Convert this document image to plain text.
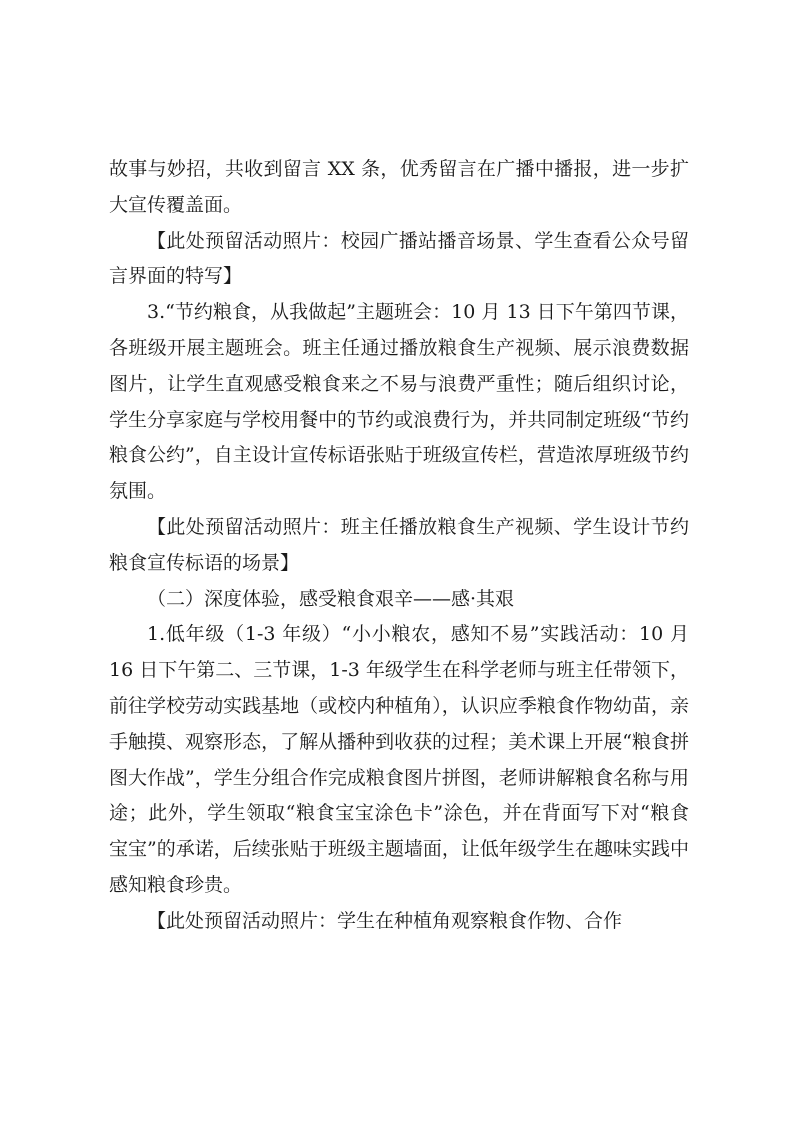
故事与妙招，共收到留言 XX 条，优秀留言在广播中播报，进一步扩大宣传覆盖面。

【此处预留活动照片：校园广播站播音场景、学生查看公众号留言界面的特写】

3.“节约粮食，从我做起”主题班会：10 月 13 日下午第四节课，各班级开展主题班会。班主任通过播放粮食生产视频、展示浪费数据图片，让学生直观感受粮食来之不易与浪费严重性；随后组织讨论，学生分享家庭与学校用餐中的节约或浪费行为，并共同制定班级“节约粮食公约”，自主设计宣传标语张贴于班级宣传栏，营造浓厚班级节约氛围。

【此处预留活动照片：班主任播放粮食生产视频、学生设计节约粮食宣传标语的场景】

（二）深度体验，感受粮食艰辛——感·其艰

1.低年级（1-3 年级）“小小粮农，感知不易”实践活动：10 月 16 日下午第二、三节课，1-3 年级学生在科学老师与班主任带领下，前往学校劳动实践基地（或校内种植角），认识应季粮食作物幼苗，亲手触摸、观察形态，了解从播种到收获的过程；美术课上开展“粮食拼图大作战”，学生分组合作完成粮食图片拼图，老师讲解粮食名称与用途；此外，学生领取“粮食宝宝涂色卡”涂色，并在背面写下对“粮食宝宝”的承诺，后续张贴于班级主题墙面，让低年级学生在趣味实践中感知粮食珍贵。

【此处预留活动照片：学生在种植角观察粮食作物、合作
